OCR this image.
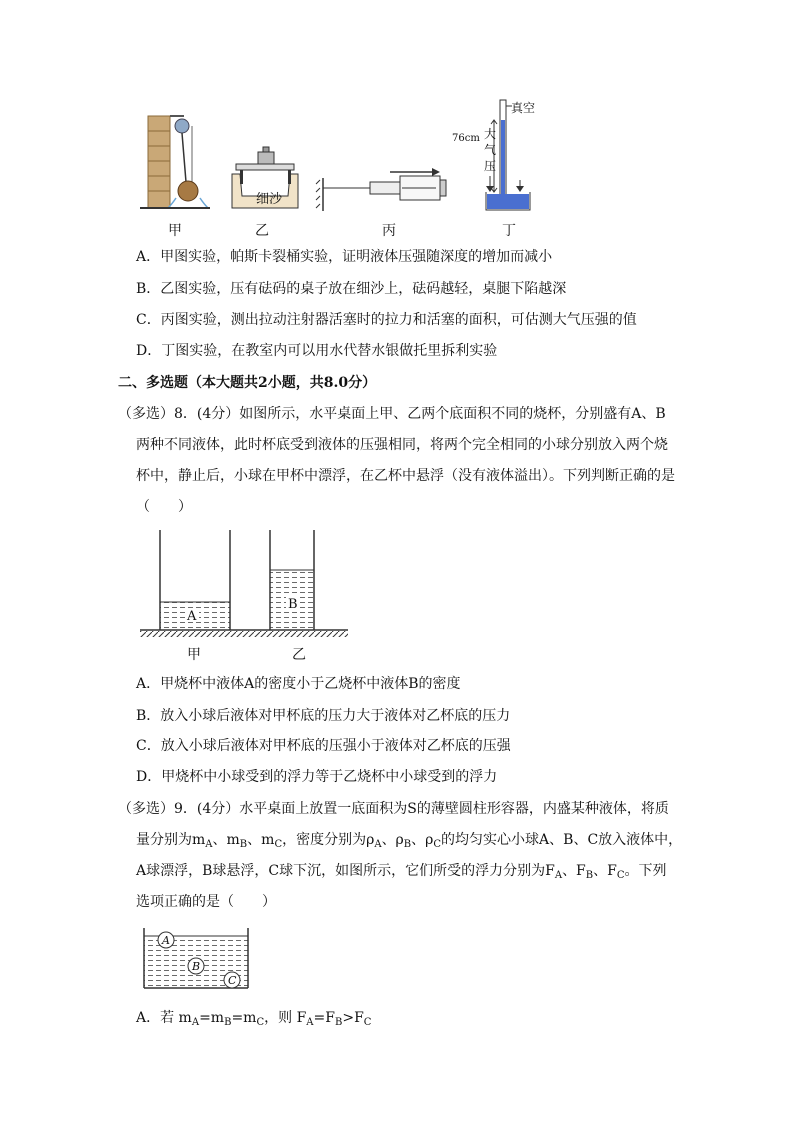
细沙
真空
76cm 大
气
压
甲	乙	丙	丁
A．甲图实验，帕斯卡裂桶实验，证明液体压强随深度的增加而减小
B．乙图实验，压有砝码的桌子放在细沙上，砝码越轻，桌腿下陷越深
C．丙图实验，测出拉动注射器活塞时的拉力和活塞的面积，可估测大气压强的值
D．丁图实验，在教室内可以用水代替水银做托里拆利实验
二、多选题（本大题共2小题，共8.0分）
（多选）8．(4分）如图所示，水平桌面上甲、乙两个底面积不同的烧杯，分别盛有A、B
两种不同液体，此时杯底受到液体的压强相同，将两个完全相同的小球分别放入两个烧
杯中，静止后，小球在甲杯中漂浮，在乙杯中悬浮（没有液体溢出）。下列判断正确的是
（　　）
A
B
甲	乙
A．甲烧杯中液体A的密度小于乙烧杯中液体B的密度
B．放入小球后液体对甲杯底的压力大于液体对乙杯底的压力
C．放入小球后液体对甲杯底的压强小于液体对乙杯底的压强
D．甲烧杯中小球受到的浮力等于乙烧杯中小球受到的浮力
（多选）9．(4分）水平桌面上放置一底面积为S的薄壁圆柱形容器，内盛某种液体，将质
量分别为$m_A$、$m_B$、$m_C$，密度分别为$\rho_A$、$\rho_B$、$\rho_C$的均匀实心小球A、B、C放入液体中，
A球漂浮，B球悬浮，C球下沉，如图所示，它们所受的浮力分别为$F_A$、$F_B$、$F_C$。下列
选项正确的是（　　）
A
B
C
A．若 $m_A=m_B=m_C$，则 $F_A=F_B>F_C$
